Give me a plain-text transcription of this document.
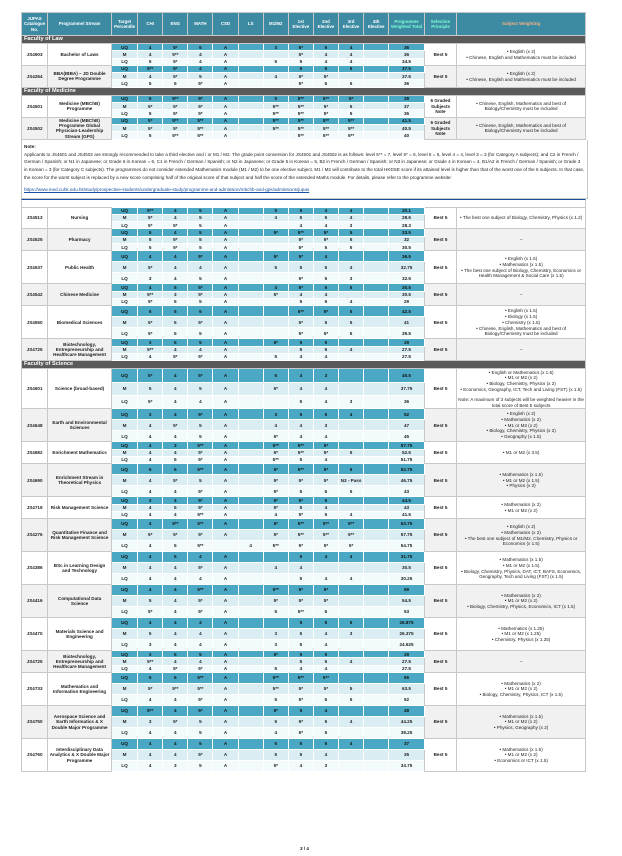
JUPAS Catalogue No.	Programme/ Stream	Target Percentile	CHI	ENG	MATH	CSD	LS	M1/M2	1st Elective	2nd Elective	3rd Elective	4th Elective	Programme Weighted Total	Selection Principle	Subject Weighting
Faculty of Law															
JS4903	Bachelor of Laws	UQ	4	5*	5	A		3	5*	5	4		36	Best 5	• English (x 2)
• Chinese, English and Mathematics must be included

		M	4	5**	4	A			5*	4	4		36		
		LQ	5	5*	4	A		5	5	4	4		34.5		
JS4264	BBA(IBBA) – JD Double Degree Programme	UQ	5**	5*	4	A			5	5	5		37.5	Best 5	• English (x 2)
• Chinese, English and Mathematics must be included

		M	4	5*	5	A		4	5*	5*			37.5		
		LQ	5	5	5*	A			5*	5	5		36		
Faculty of Medicine															
JS4501	Medicine (MBChB) Programme	UQ	5	5**	5*	A		5	5**	5**	5*		38	6 Graded Subjects Note	• Chinese, English, Mathematics and best of Biology/Chemistry must be included

		M	5*	5*	5*	A		5**	5**	5*	5		37		
		LQ	5	5*	5*	A		5**	5**	5*	5		36		
JS4502	Medicine (MBChB) Programme Global Physician-Leadership Stream (GPS)	UQ	5*	5**	5**	A		5**	5**	5**	5**		41.5	6 Graded Subjects Note	• Chinese, English, Mathematics and best of Biology/Chemistry must be included

		M	5*	5*	5**	A		5**	5**	5**	5**		40.5		
		LQ	5	5**	5**	A			5**	5**	5**		40		
Note:
Applicants to JS4501 and JS4502 are strongly recommended to take a third elective and / or M1 / M2. The grade point conversion for JS4501 and JS4502 is as follows: level 5** = 7, level 5* = 6, level 5 = 5, level 4 = 4, level 3 = 3 (for Category A subjects); and C2 in French / German / Spanish; or N1 in Japanese; or Grade 6 in Korean = 6, C1 in French / German / Spanish; or N2 in Japanese; or Grade 5 in Korean = 5, B2 in French / German / Spanish; or N3 in Japanese; or Grade 4 in Korean = 4, B1/A2 in French / German / Spanish; or Grade 3 in Korean = 3 (for Category C subjects). The programmes do not consider extended Mathematics module (M1 / M2) to be one elective subject. M1 / M2 will contribute to the total HKDSE score if its attained level is higher than that of the worst one of the 6 subjects. In that case, the score for the worst subject is replaced by a new score comprising half of the original score of that subject and half the score of the extended Maths module. For details, please refer to the programme website:
https://www.med.cuhk.edu.hk/study/prospective-students/undergraduate-study/programme-and-admission/mbchb-and-gps/admissions/jupas
JS4513	Nursing	UQ	5**	4	5	A		5	5	4	4		30.1	Best 5	• The best one subject of Biology, Chemistry, Physics (x 1.2)

		M	5*	4	5	A		4	5	5	4		28.6		
		LQ	5*	5*	5	A			4	4	3		28.3		
JS4525	Pharmacy	UQ	5	4	5	A		5*	5**	5*	5		33.5	Best 5	–

		M	5	5*	5	A			5*	5*	5		32		
		LQ	5	5*	5	A			5*	5	5		30.5		
JS4537	Public Health	UQ	4	4	5*	A		5*	5*	4			36.5	Best 5	• English (x 1.5)
• Mathematics (x 1.5)
• The best one subject of Biology, Chemistry, Economics or Health Management & Social Care (x 1.5)

		M	5*	4	4	A		5	5	5	4		32.75		
		LQ	3	4	5	A			5*	5	3		32.5		
JS4542	Chinese Medicine	UQ	4	5	5*	A		4	5*	5	5		30.5	Best 5	–

		M	5**	3	5*	A		5*	4	4			30.5		
		LQ	5*	5	5	A			5	5	4		29		
JS4550	Biomedical Sciences	UQ	5	5	5	A			5**	5*	5		42.5	Best 5	• English (x 1.5)
• Biology (x 1.5)
• Chemistry (x 1.5)
• Chinese, English, Mathematics and best of Biology/Chemistry must be included

		M	5*	5	5*	A			5*	5	5		41		
		LQ	5*	5	5	A			5*	5*	5		39.5		
JS4725	Biotechnology, Entrepreneurship and Healthcare Management	UQ	3	5	5	A		5*	5	5			29	Best 5	–

		M	5**	4	4	A			5	5	4		27.5		
		LQ	4	5*	5*	A		5	4	4			27.5		
Faculty of Science															
JS4601	Science (broad-based)	UQ	5*	4	5*	A		5	4	3			40.5	Best 5	• English or Mathematics (x 1.5)
• M1 or M2 (x 2)
• Biology, Chemistry, Physics (x 2)
• Economics, Geography, ICT, Tech and Living (FST) (x 1.5)
Note: A maximum of 3 subjects will be weighted heavier in the total score of Best 5 subjects

		M	5	4	5	A		5*	4	4			37.75		
		LQ	5*	4	4	A			5	4	3		36		
JS4648	Earth and Environmental Sciences	UQ	3	4	5*	A		3	5	5	4		52	Best 5	• English (x 2)
• Mathematics (x 2)
• M1 or M2 (x 2)
• Biology, Chemistry, Physics (x 2)
• Geography (x 1.5)

		M	4	5*	5	A		4	4	3			47		
		LQ	4	4	5	A		5*	4	4			45		
JS4682	Enrichment Mathematics	UQ	4	3	5**	A		5**	5**	5*			57.75	Best 5	• M1 or M2 (x 3.5)

		M	4	4	5*	A		5*	5**	5*	5		52.5		
		LQ	4	5	5*	A		5**	5	4			51.75		
JS4690	Enrichment Stream in Theoretical Physics	UQ	5	5	5**	A		5*	5**	5*	5		52.75	Best 5	• Mathematics (x 1.5)
• M1 or M2 (x 1.5)
• Physics (x 2)

		M	4	5*	5	A		5*	5*	5*	N3 - Pass		46.75		
		LQ	4	4	5*	A		5*	5	5	5		43		
JS4719	Risk Management Science	UQ	3	4	5*	A		5*	5*	5			44.5	Best 5	• Mathematics (x 2)
• M1 or M2 (x 2)

		M	4	5	5*	A		5*	5	4			43		
		LQ	4	4	5**	A		4	5*	5	4		41.5		
JS4276	Quantitative Finance and Risk Management Science	UQ	4	5**	5**	A		5*	5**	5**	5**		63.75	Best 5	• English (x 2)
• Mathematics (x 2)
• The best one subject of M1/M2, Chemistry, Physics or Economics (x 1.5)

		M	5*	5*	5*	A		5*	5**	5**	5**		57.75		
		LQ	4	5	5**		4	5**	5*	5*	5*		54.75		
JS4386	BSc in Learning Design and Technology	UQ	4	5	4	A			5	4	4		31.75	Best 5	• Mathematics (x 1.5)
• M1 or M2 (x 1.5)
• Biology, Chemistry, Physics, DAT, ICT, BAFS, Economics, Geography, Tech and Living (FST) (x 1.5)

		M	4	4	5*	A		4	4				30.5		
		LQ	4	4	4	A			5	4	4		30.25		
JS4416	Computational Data Science	UQ	4	4	5**	A		5**	5*	5*			59	Best 5	• Mathematics (x 2)
• M1 or M2 (x 2)
• Biology, Chemistry, Physics, Economics, ICT (x 1.5)

		M	5	4	5*	A		5*	5*	5*			54.5		
		LQ	5*	4	5*	A		5	5**	5			53		
JS4470	Materials Science and Engineering	UQ	4	4	4	A			5	5	5		26.875	Best 5	• Mathematics (x 1.25)
• M1 or M2 (x 1.25)
• Chemistry, Physics (x 1.25)

		M	5	4	4	A		3	5	4	3		26.375		
		LQ	3	4	4	A		3	5	4			24.625		
JS4725	Biotechnology, Entrepreneurship and Healthcare Management	UQ	3	5	5	A		5*	5	5			29	Best 5	–

		M	5**	4	4	A			5	5	4		27.5		
		LQ	4	5*	5*	A		5	4	4			27.5		
JS4733	Mathematics and Information Engineering	UQ	5	5	5**	A		5**	5**	5**			65	Best 5	• Mathematics (x 2)
• M1 or M2 (x 2)
• Biology, Chemistry, Physics, ICT (x 1.5)

		M	5*	5**	5**	A		5**	5*	5*	5		63.5		
		LQ	4	4	5*	A		5	5*	5	5		52		
JS4750	Aerospace Science and Earth Informatics & X Double Major Programme	UQ	5**	4	5*	A		5*	5	4			48	Best 5	• Mathematics (x 1.5)
• M1 or M2 (x 2)
• Physics, Geography (x 2)

		M	3	5*	5	A		5	5*	5	4		44.25		
		LQ	4	4	5	A		4	5*	5			38.25		
JS4760	Interdisciplinary Data Analytics & X Double Major Programme	UQ	4	4	5	A		5	5	5	4		37	Best 5	• Mathematics (x 1.5)
• M1 or M2 (x 2)
• Economics or ICT (x 1.5)

		M	4	4	5*	A		5	5	4			35		
		LQ	4	3	5	A		5*	4	3			34.75		
3 / 4
